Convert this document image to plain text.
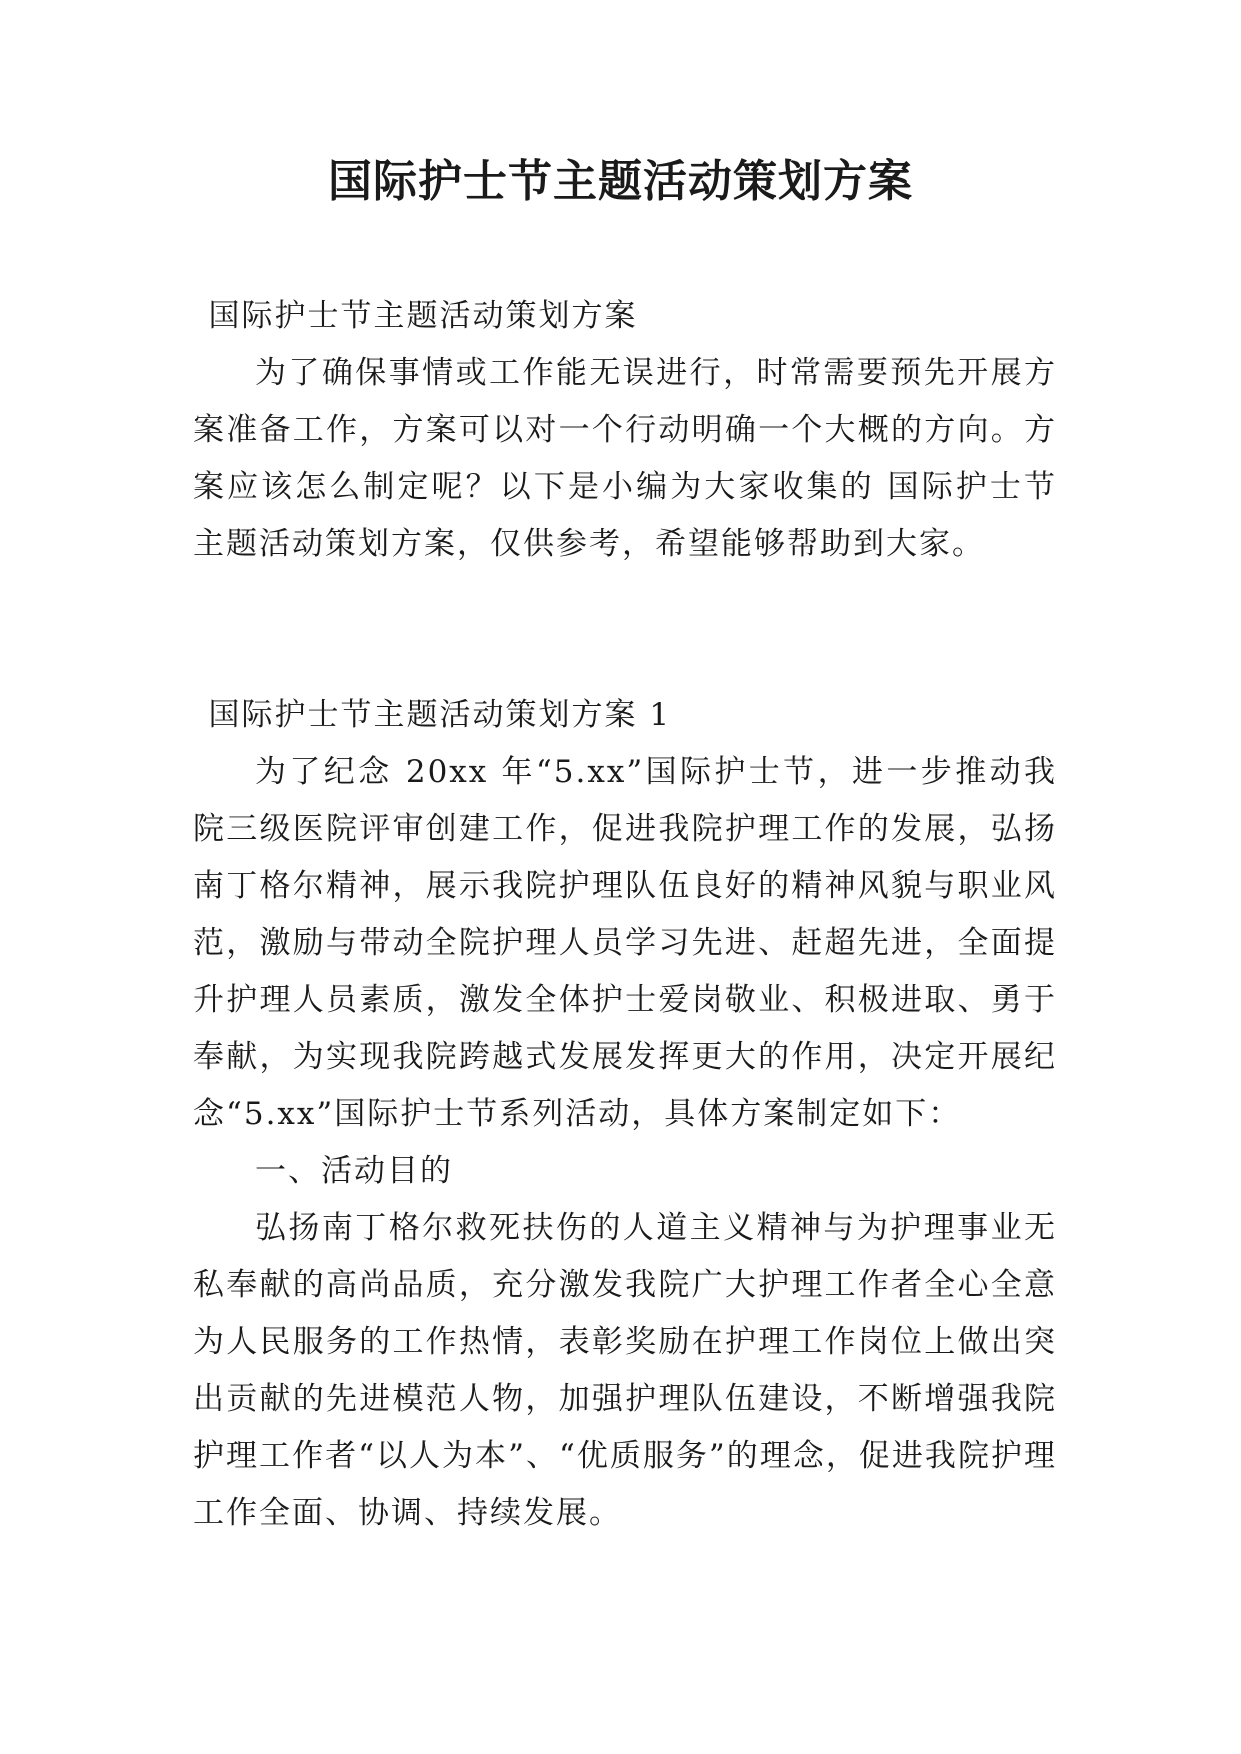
国际护士节主题活动策划方案

国际护士节主题活动策划方案

为了确保事情或工作能无误进行，时常需要预先开展方案准备工作，方案可以对一个行动明确一个大概的方向。方案应该怎么制定呢？以下是小编为大家收集的 国际护士节主题活动策划方案，仅供参考，希望能够帮助到大家。

国际护士节主题活动策划方案 1

为了纪念 20xx 年“5.xx”国际护士节，进一步推动我院三级医院评审创建工作，促进我院护理工作的发展，弘扬南丁格尔精神，展示我院护理队伍良好的精神风貌与职业风范，激励与带动全院护理人员学习先进、赶超先进，全面提升护理人员素质，激发全体护士爱岗敬业、积极进取、勇于奉献，为实现我院跨越式发展发挥更大的作用，决定开展纪念“5.xx”国际护士节系列活动，具体方案制定如下：

一、活动目的

弘扬南丁格尔救死扶伤的人道主义精神与为护理事业无私奉献的高尚品质，充分激发我院广大护理工作者全心全意为人民服务的工作热情，表彰奖励在护理工作岗位上做出突出贡献的先进模范人物，加强护理队伍建设，不断增强我院护理工作者“以人为本”、“优质服务”的理念，促进我院护理工作全面、协调、持续发展。
